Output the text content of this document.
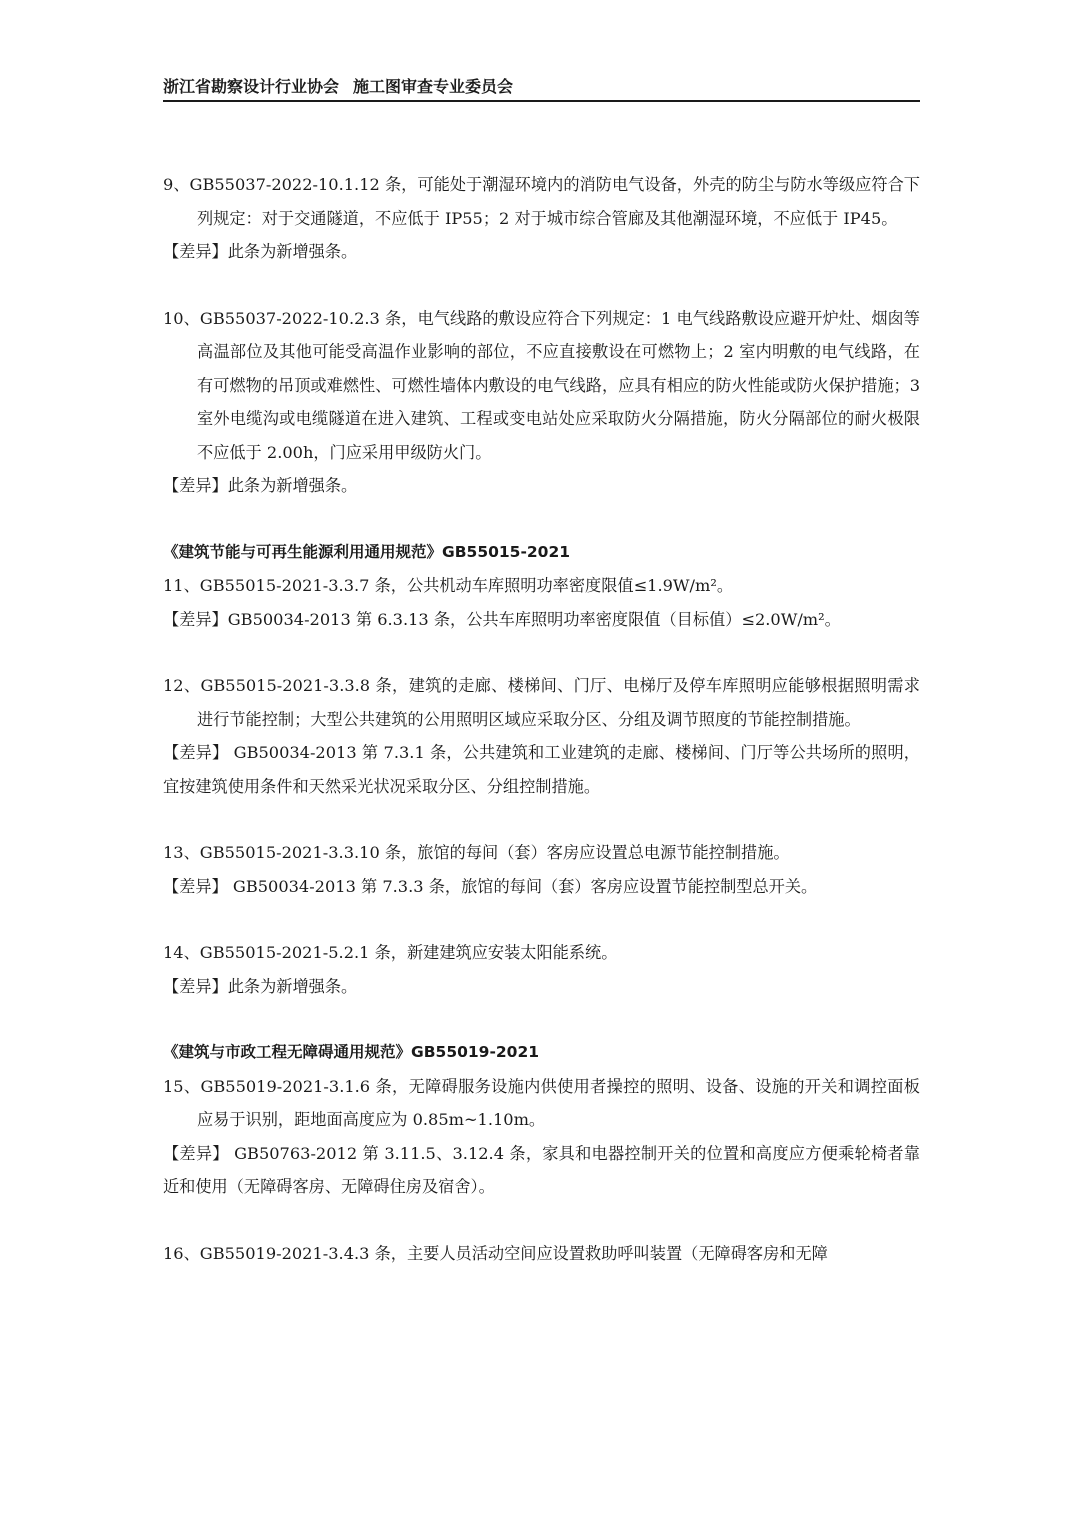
浙江省勘察设计行业协会 施工图审查专业委员会

9、GB55037-2022-10.1.12 条，可能处于潮湿环境内的消防电气设备，外壳的防尘与防水等级应符合下列规定：对于交通隧道，不应低于 IP55；2 对于城市综合管廊及其他潮湿环境，不应低于 IP45。

【差异】此条为新增强条。

10、GB55037-2022-10.2.3 条，电气线路的敷设应符合下列规定：1 电气线路敷设应避开炉灶、烟囱等高温部位及其他可能受高温作业影响的部位，不应直接敷设在可燃物上；2 室内明敷的电气线路，在有可燃物的吊顶或难燃性、可燃性墙体内敷设的电气线路，应具有相应的防火性能或防火保护措施；3 室外电缆沟或电缆隧道在进入建筑、工程或变电站处应采取防火分隔措施，防火分隔部位的耐火极限不应低于 2.00h，门应采用甲级防火门。

【差异】此条为新增强条。

《建筑节能与可再生能源利用通用规范》GB55015-2021

11、GB55015-2021-3.3.7 条，公共机动车库照明功率密度限值≤1.9W/m²。

【差异】GB50034-2013 第 6.3.13 条，公共车库照明功率密度限值（目标值）≤2.0W/m²。

12、GB55015-2021-3.3.8 条，建筑的走廊、楼梯间、门厅、电梯厅及停车库照明应能够根据照明需求进行节能控制；大型公共建筑的公用照明区域应采取分区、分组及调节照度的节能控制措施。

【差异】 GB50034-2013 第 7.3.1 条，公共建筑和工业建筑的走廊、楼梯间、门厅等公共场所的照明，宜按建筑使用条件和天然采光状况采取分区、分组控制措施。

13、GB55015-2021-3.3.10 条，旅馆的每间（套）客房应设置总电源节能控制措施。

【差异】 GB50034-2013 第 7.3.3 条，旅馆的每间（套）客房应设置节能控制型总开关。

14、GB55015-2021-5.2.1 条，新建建筑应安装太阳能系统。

【差异】此条为新增强条。

《建筑与市政工程无障碍通用规范》GB55019-2021

15、GB55019-2021-3.1.6 条，无障碍服务设施内供使用者操控的照明、设备、设施的开关和调控面板应易于识别，距地面高度应为 0.85m~1.10m。

【差异】 GB50763-2012 第 3.11.5、3.12.4 条，家具和电器控制开关的位置和高度应方便乘轮椅者靠近和使用（无障碍客房、无障碍住房及宿舍）。

16、GB55019-2021-3.4.3 条，主要人员活动空间应设置救助呼叫装置（无障碍客房和无障
